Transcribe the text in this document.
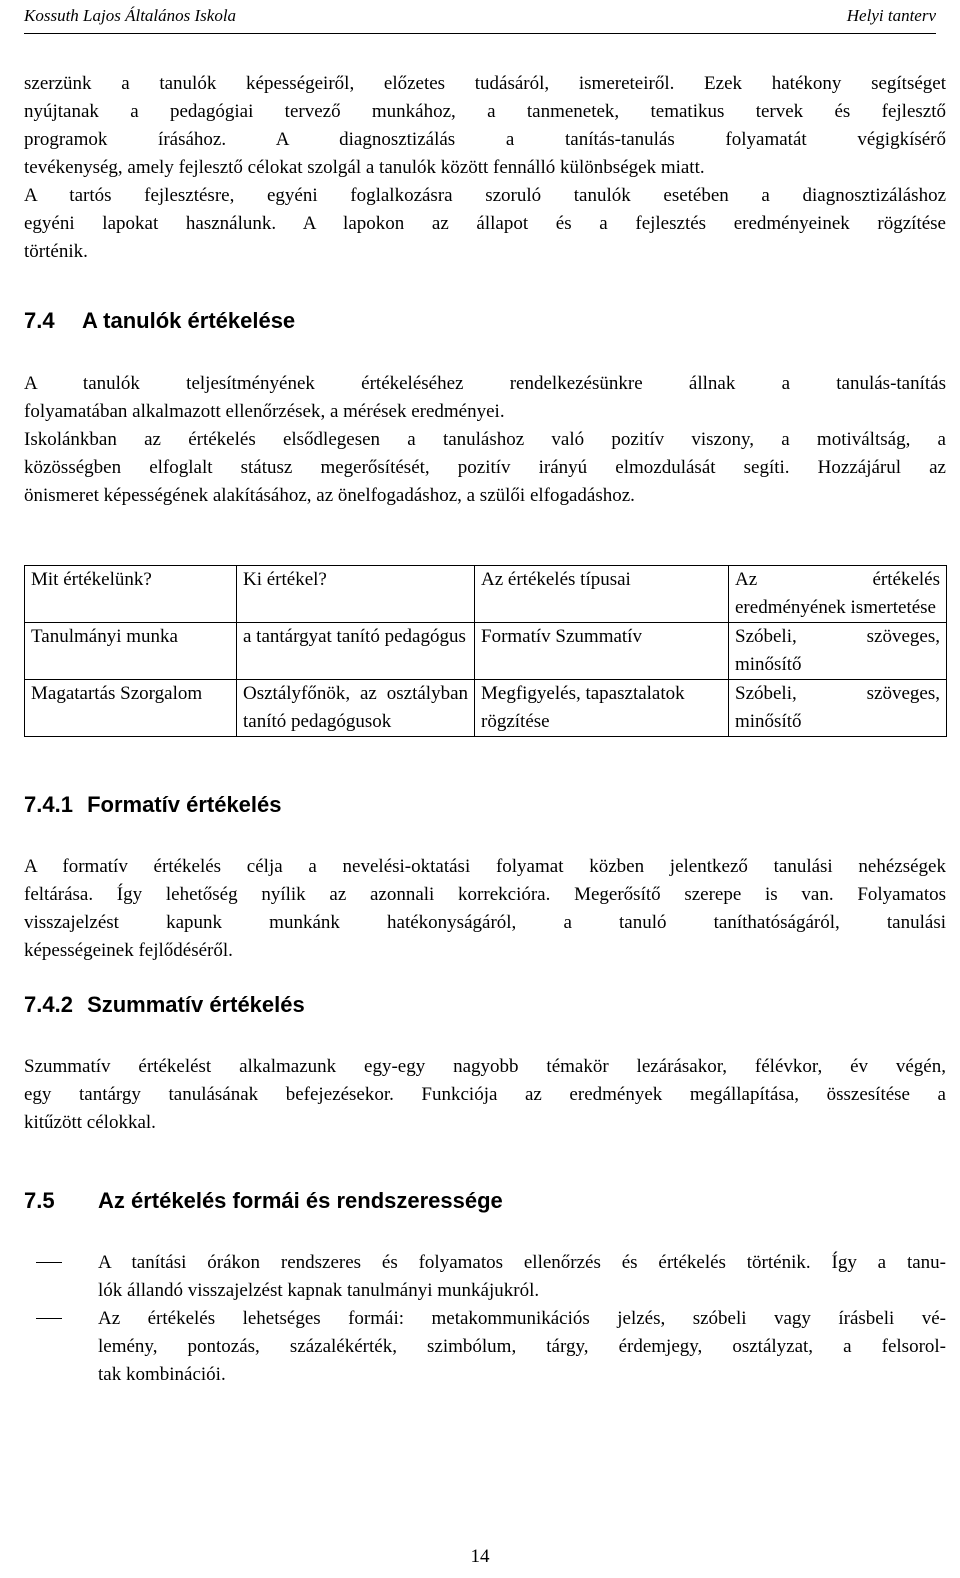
Kossuth Lajos Általános Iskola	Helyi tanterv
szerzünk a tanulók képességeiről, előzetes tudásáról, ismereteiről. Ezek hatékony segítséget
nyújtanak a pedagógiai tervező munkához, a tanmenetek, tematikus tervek és fejlesztő
programok írásához. A diagnosztizálás a tanítás-tanulás folyamatát végigkísérő
tevékenység, amely fejlesztő célokat szolgál a tanulók között fennálló különbségek miatt.
A tartós fejlesztésre, egyéni foglalkozásra szoruló tanulók esetében a diagnosztizáláshoz
egyéni lapokat használunk. A lapokon az állapot és a fejlesztés eredményeinek rögzítése
történik.
7.4	A tanulók értékelése
A tanulók teljesítményének értékeléséhez rendelkezésünkre állnak a tanulás-tanítás
folyamatában alkalmazott ellenőrzések, a mérések eredményei.
Iskolánkban az értékelés elsődlegesen a tanuláshoz való pozitív viszony, a motiváltság, a
közösségben elfoglalt státusz megerősítését, pozitív irányú elmozdulását segíti. Hozzájárul az
önismeret képességének alakításához, az önelfogadáshoz, a szülői elfogadáshoz.
Mit értékelünk?	Ki értékel?	Az értékelés típusai	Az értékelés eredményének ismertetése
Tanulmányi munka	a tantárgyat tanító pedagógus	Formatív Szummatív	Szóbeli, szöveges, minősítő
Magatartás Szorgalom	Osztályfőnök, az osztályban tanító pedagógusok	Megfigyelés, tapasztalatok rögzítése	Szóbeli, szöveges, minősítő
7.4.1 Formatív értékelés
A formatív értékelés célja a nevelési-oktatási folyamat közben jelentkező tanulási nehézségek
feltárása. Így lehetőség nyílik az azonnali korrekcióra. Megerősítő szerepe is van. Folyamatos
visszajelzést kapunk munkánk hatékonyságáról, a tanuló taníthatóságáról, tanulási
képességeinek fejlődéséről.
7.4.2 Szummatív értékelés
Szummatív értékelést alkalmazunk egy-egy nagyobb témakör lezárásakor, félévkor, év végén,
egy tantárgy tanulásának befejezésekor. Funkciója az eredmények megállapítása, összesítése a
kitűzött célokkal.
7.5	Az értékelés formái és rendszeressége
A tanítási órákon rendszeres és folyamatos ellenőrzés és értékelés történik. Így a tanu-
lók állandó visszajelzést kapnak tanulmányi munkájukról.
Az értékelés lehetséges formái: metakommunikációs jelzés, szóbeli vagy írásbeli vé-
lemény, pontozás, százalékérték, szimbólum, tárgy, érdemjegy, osztályzat, a felsorol-
tak kombinációi.
14
